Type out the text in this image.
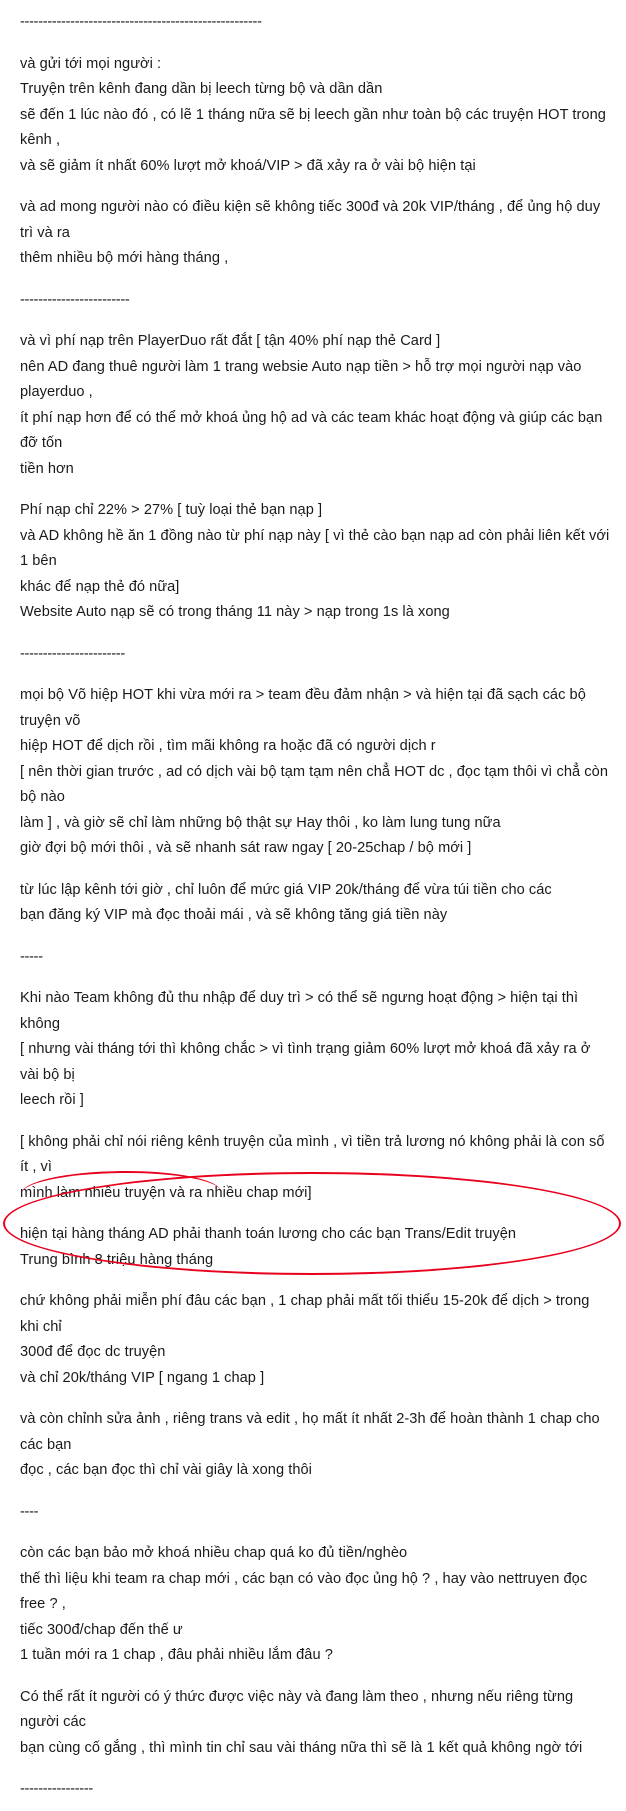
-----------------------------------------------------
và gửi tới mọi người :
Truyện trên kênh đang dần bị leech từng bộ và dần dần
sẽ đến 1 lúc nào đó , có lẽ 1 tháng nữa sẽ bị leech gần như toàn bộ các truyện HOT trong kênh ,
và sẽ giảm ít nhất 60% lượt mở khoá/VIP > đã xảy ra ở vài bộ hiện tại
và ad mong người nào có điều kiện sẽ không tiếc 300đ và 20k VIP/tháng , để ủng hộ duy trì và ra
thêm nhiều bộ mới hàng tháng ,
------------------------
và vì phí nạp trên PlayerDuo rất đắt [ tận 40% phí nạp thẻ Card ]
nên AD đang thuê người làm 1 trang websie Auto nạp tiền > hỗ trợ mọi người nạp vào playerduo ,
ít phí nạp hơn để có thể mở khoá ủng hộ ad và các team khác hoạt động và giúp các bạn đỡ tốn
tiền hơn
Phí nạp chỉ 22% > 27% [ tuỳ loại thẻ bạn nạp ]
và AD không hề ăn 1 đồng nào từ phí nạp này [ vì thẻ cào bạn nạp ad còn phải liên kết với 1 bên
khác để nạp thẻ đó nữa]
Website Auto nạp sẽ có trong tháng 11 này > nạp trong 1s là xong
-----------------------
mọi bộ Võ hiệp HOT khi vừa mới ra > team đều đảm nhận > và hiện tại đã sạch các bộ truyện võ
hiệp HOT để dịch rồi , tìm mãi không ra hoặc đã có người dịch r
[ nên thời gian trước , ad có dịch vài bộ tạm tạm nên chẳ HOT dc , đọc tạm thôi vì chẳ còn bộ nào
làm ] , và giờ sẽ chỉ làm những bộ thật sự Hay thôi , ko làm lung tung nữa
giờ đợi bộ mới thôi , và sẽ nhanh sát raw ngay [ 20-25chap / bộ mới ]
từ lúc lập kênh tới giờ , chỉ luôn để mức giá VIP 20k/tháng để vừa túi tiền cho các
bạn đăng ký VIP mà đọc thoải mái , và sẽ không tăng giá tiền này
-----
Khi nào Team không đủ thu nhập để duy trì > có thể sẽ ngưng hoạt động > hiện tại thì không
[ nhưng vài tháng tới thì không chắc > vì tình trạng giảm 60% lượt mở khoá đã xảy ra ở vài bộ bị
leech rồi ]
[ không phải chỉ nói riêng kênh truyện của mình , vì tiền trả lương nó không phải là con số ít , vì
mình làm nhiều truyện và ra nhiều chap mới]
hiện tại hàng tháng AD phải thanh toán lương cho các bạn Trans/Edit truyện
Trung bình 8 triệu hàng tháng
chứ không phải miễn phí đâu các bạn , 1 chap phải mất tối thiểu 15-20k để dịch > trong khi chỉ
300đ để đọc dc truyện
và chỉ 20k/tháng VIP [ ngang 1 chap ]
và còn chỉnh sửa ảnh , riêng trans và edit , họ mất ít nhất 2-3h để hoàn thành 1 chap cho các bạn
đọc , các bạn đọc thì chỉ vài giây là xong thôi
----
còn các bạn bảo mở khoá nhiều chap quá ko đủ tiền/nghèo
thế thì liệu khi team ra chap mới , các bạn có vào đọc ủng hộ ? , hay vào nettruyen đọc free ? ,
tiếc 300đ/chap đến thế ư
1 tuần mới ra 1 chap , đâu phải nhiều lắm đâu ?
Có thể rất ít người có ý thức được việc này và đang làm theo , nhưng nếu riêng từng người các
bạn cùng cố gắng , thì mình tin chỉ sau vài tháng nữa thì sẽ là 1 kết quả không ngờ tới
----------------
